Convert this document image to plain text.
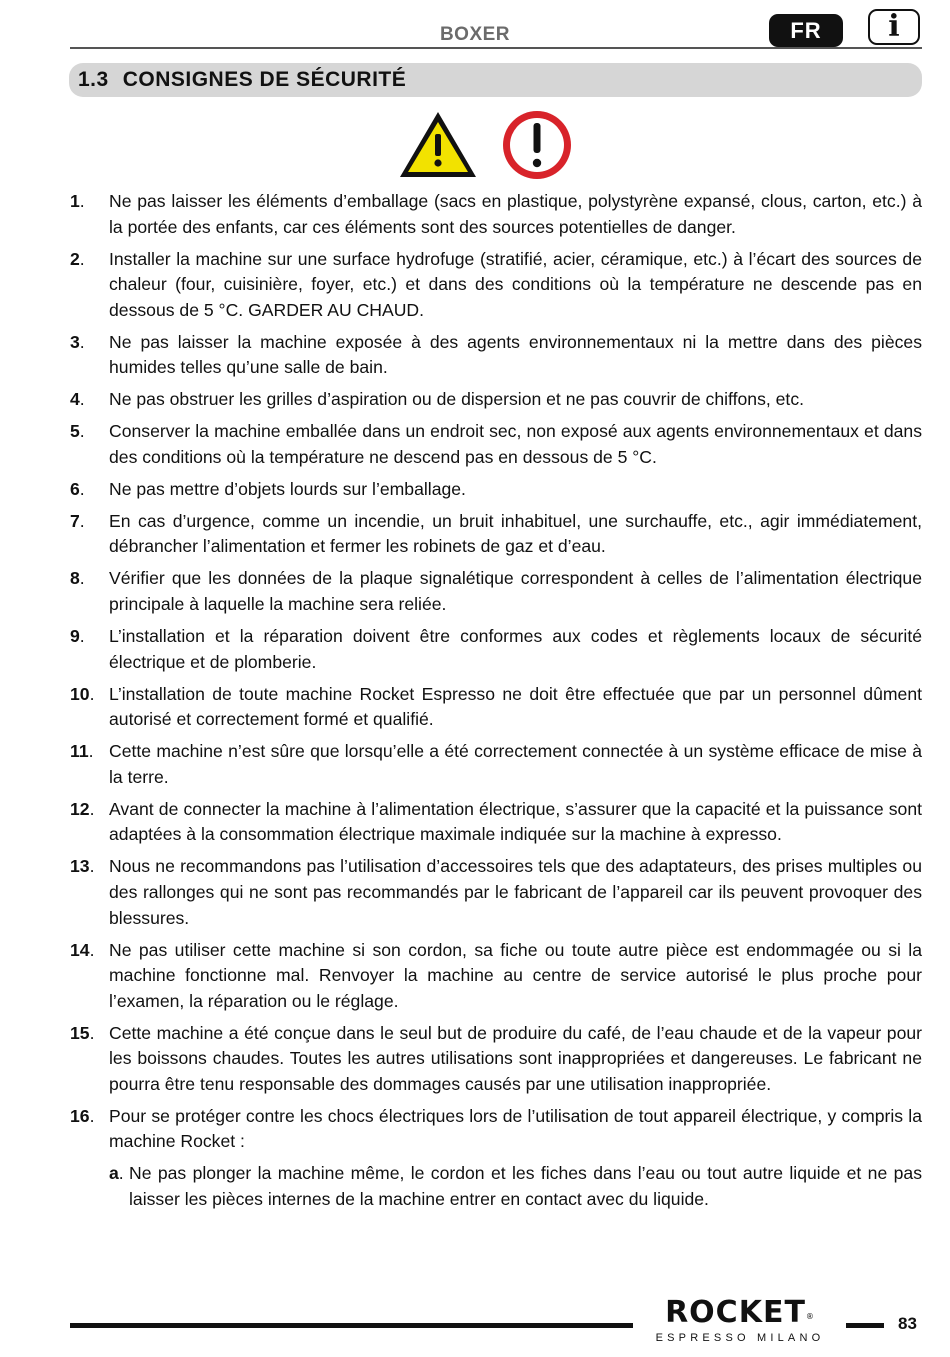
BOXER	FR	i
1.3 CONSIGNES DE SÉCURITÉ
1. Ne pas laisser les éléments d’emballage (sacs en plastique, polystyrène expansé, clous, carton, etc.) à la portée des enfants, car ces éléments sont des sources potentielles de danger.
2. Installer la machine sur une surface hydrofuge (stratifié, acier, céramique, etc.) à l’écart des sources de chaleur (four, cuisinière, foyer, etc.) et dans des conditions où la température ne descende pas en dessous de 5 °C. GARDER AU CHAUD.
3. Ne pas laisser la machine exposée à des agents environnementaux ni la mettre dans des pièces humides telles qu’une salle de bain.
4. Ne pas obstruer les grilles d’aspiration ou de dispersion et ne pas couvrir de chiffons, etc.
5. Conserver la machine emballée dans un endroit sec, non exposé aux agents environnementaux et dans des conditions où la température ne descend pas en dessous de 5 °C.
6. Ne pas mettre d’objets lourds sur l’emballage.
7. En cas d’urgence, comme un incendie, un bruit inhabituel, une surchauffe, etc., agir immédiatement, débrancher l’alimentation et fermer les robinets de gaz et d’eau.
8. Vérifier que les données de la plaque signalétique correspondent à celles de l’alimentation électrique principale à laquelle la machine sera reliée.
9. L’installation et la réparation doivent être conformes aux codes et règlements locaux de sécurité électrique et de plomberie.
10. L’installation de toute machine Rocket Espresso ne doit être effectuée que par un personnel dûment autorisé et correctement formé et qualifié.
11. Cette machine n’est sûre que lorsqu’elle a été correctement connectée à un système efficace de mise à la terre.
12. Avant de connecter la machine à l’alimentation électrique, s’assurer que la capacité et la puissance sont adaptées à la consommation électrique maximale indiquée sur la machine à expresso.
13. Nous ne recommandons pas l’utilisation d’accessoires tels que des adaptateurs, des prises multiples ou des rallonges qui ne sont pas recommandés par le fabricant de l’appareil car ils peuvent provoquer des blessures.
14. Ne pas utiliser cette machine si son cordon, sa fiche ou toute autre pièce est endommagée ou si la machine fonctionne mal. Renvoyer la machine au centre de service autorisé le plus proche pour l’examen, la réparation ou le réglage.
15. Cette machine a été conçue dans le seul but de produire du café, de l’eau chaude et de la vapeur pour les boissons chaudes. Toutes les autres utilisations sont inappropriées et dangereuses. Le fabricant ne pourra être tenu responsable des dommages causés par une utilisation inappropriée.
16. Pour se protéger contre les chocs électriques lors de l’utilisation de tout appareil électrique, y compris la machine Rocket :
a. Ne pas plonger la machine même, le cordon et les fiches dans l’eau ou tout autre liquide et ne pas laisser les pièces internes de la machine entrer en contact avec du liquide.
ROCKET®
ESPRESSO MILANO
83
